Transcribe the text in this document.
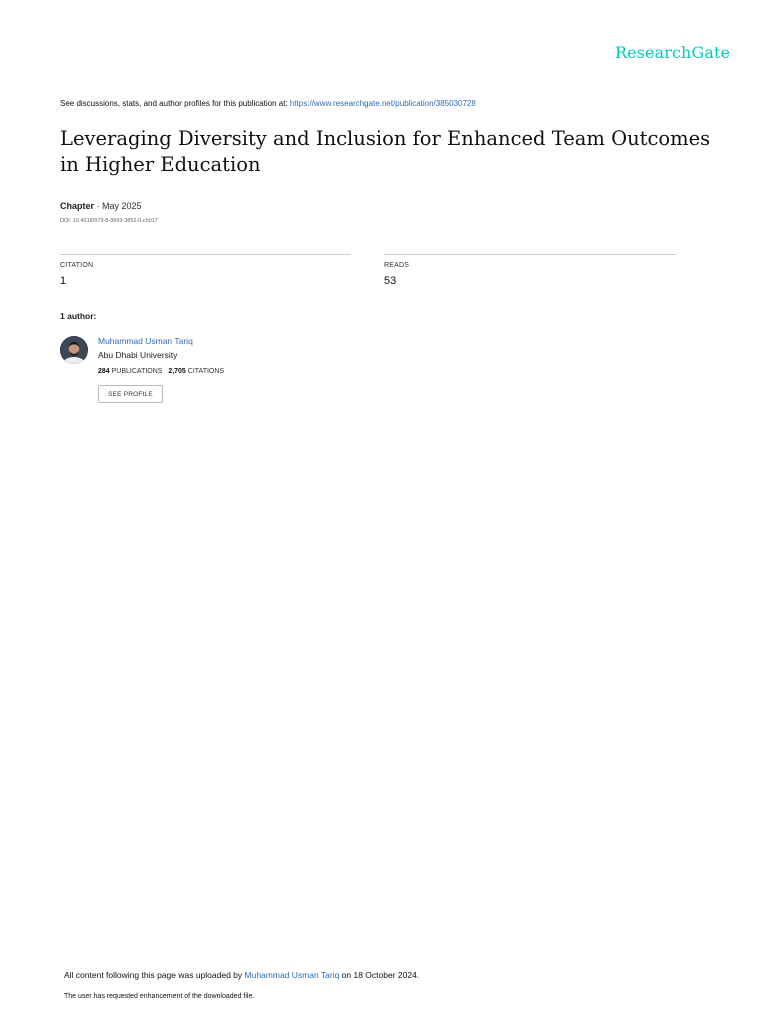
ResearchGate
See discussions, stats, and author profiles for this publication at: https://www.researchgate.net/publication/385030728
Leveraging Diversity and Inclusion for Enhanced Team Outcomes
in Higher Education
Chapter · May 2025
DOI: 10.4018/979-8-3693-3852-0.ch017
CITATION
1
READS
53
1 author:
Muhammad Usman Tariq
Abu Dhabi University
284 PUBLICATIONS 2,705 CITATIONS
SEE PROFILE
All content following this page was uploaded by Muhammad Usman Tariq on 18 October 2024.
The user has requested enhancement of the downloaded file.
